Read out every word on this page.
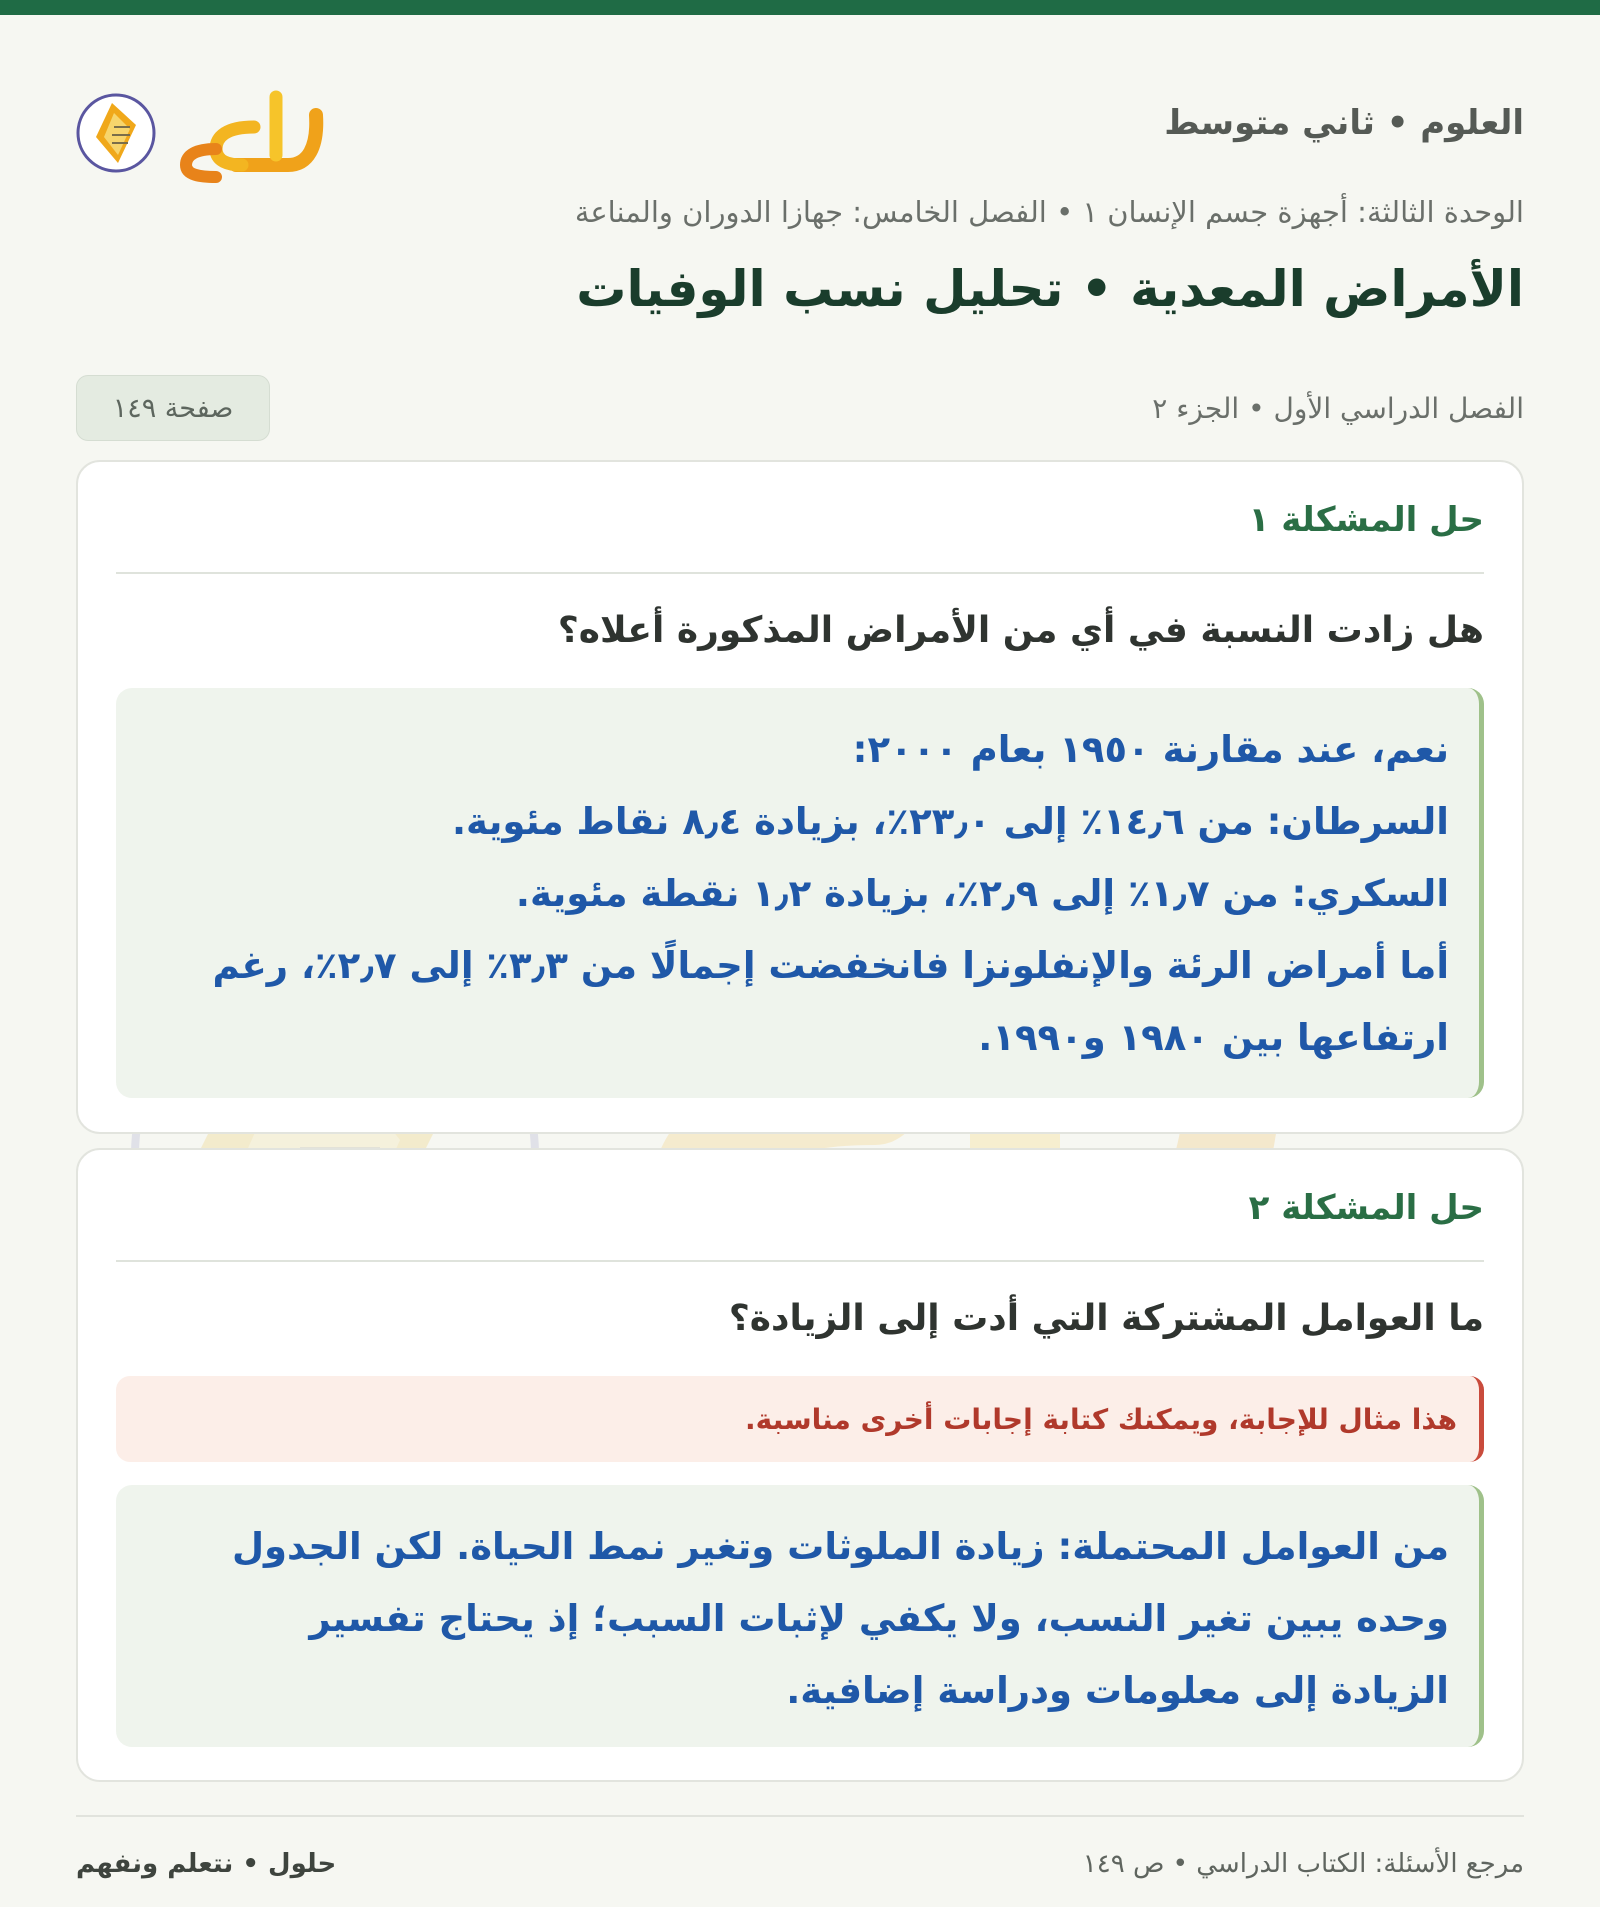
العلوم • ثاني متوسط
الوحدة الثالثة: أجهزة جسم الإنسان ١ • الفصل الخامس: جهازا الدوران والمناعة
الأمراض المعدية • تحليل نسب الوفيات
الفصل الدراسي الأول • الجزء ٢
صفحة ١٤٩
حل المشكلة ١
هل زادت النسبة في أي من الأمراض المذكورة أعلاه؟

نعم، عند مقارنة ١٩٥٠ بعام ٢٠٠٠:

السرطان: من ١٤٫٦٪ إلى ٢٣٫٠٪، بزيادة ٨٫٤ نقاط مئوية.

السكري: من ١٫٧٪ إلى ٢٫٩٪، بزيادة ١٫٢ نقطة مئوية.

أما أمراض الرئة والإنفلونزا فانخفضت إجمالًا من ٣٫٣٪ إلى ٢٫٧٪، رغم

ارتفاعها بين ١٩٨٠ و١٩٩٠.

حل المشكلة ٢
ما العوامل المشتركة التي أدت إلى الزيادة؟
هذا مثال للإجابة، ويمكنك كتابة إجابات أخرى مناسبة.

من العوامل المحتملة: زيادة الملوثات وتغير نمط الحياة. لكن الجدول

وحده يبين تغير النسب، ولا يكفي لإثبات السبب؛ إذ يحتاج تفسير

الزيادة إلى معلومات ودراسة إضافية.

مرجع الأسئلة: الكتاب الدراسي • ص ١٤٩
حلول • نتعلم ونفهم
